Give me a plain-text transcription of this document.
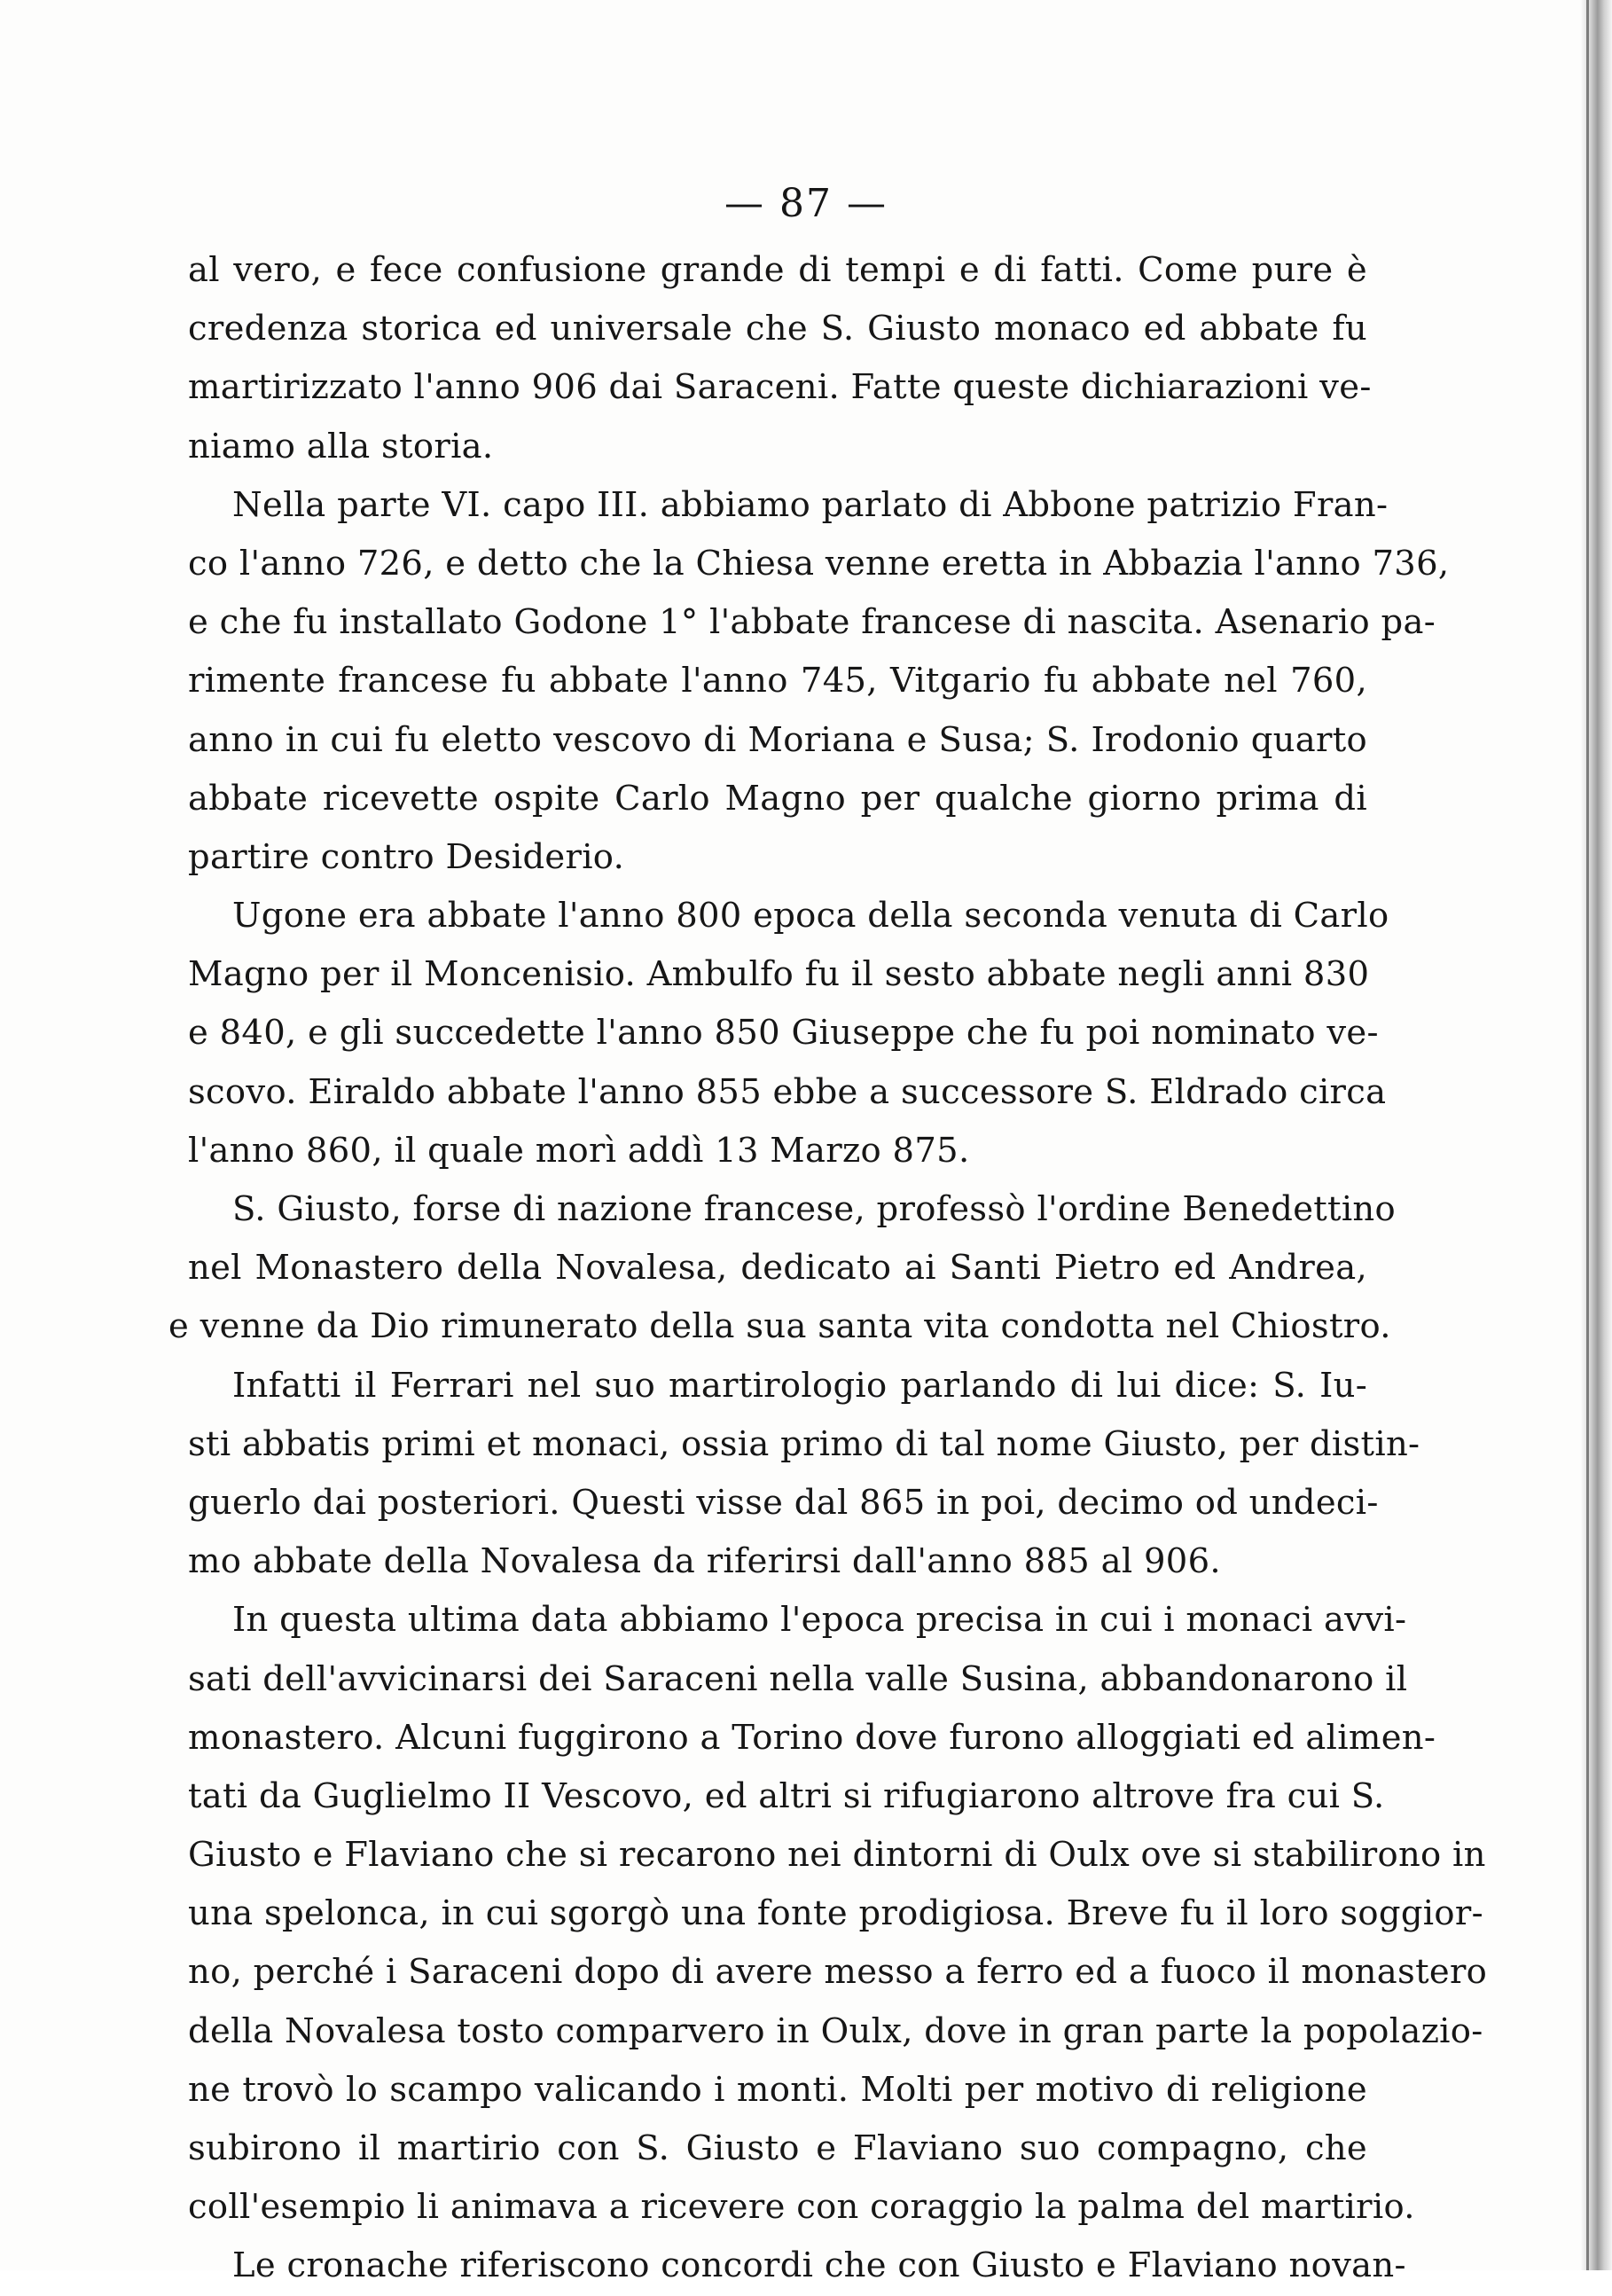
— 87 —
al vero, e fece confusione grande di tempi e di fatti. Come pure è
credenza storica ed universale che S. Giusto monaco ed abbate fu
martirizzato l'anno 906 dai Saraceni. Fatte queste dichiarazioni ve-
niamo alla storia.
Nella parte VI. capo III. abbiamo parlato di Abbone patrizio Fran-
co l'anno 726, e detto che la Chiesa venne eretta in Abbazia l'anno 736,
e che fu installato Godone 1° l'abbate francese di nascita. Asenario pa-
rimente francese fu abbate l'anno 745, Vitgario fu abbate nel 760,
anno in cui fu eletto vescovo di Moriana e Susa; S. Irodonio quarto
abbate ricevette ospite Carlo Magno per qualche giorno prima di
partire contro Desiderio.
Ugone era abbate l'anno 800 epoca della seconda venuta di Carlo
Magno per il Moncenisio. Ambulfo fu il sesto abbate negli anni 830
e 840, e gli succedette l'anno 850 Giuseppe che fu poi nominato ve-
scovo. Eiraldo abbate l'anno 855 ebbe a successore S. Eldrado circa
l'anno 860, il quale morì addì 13 Marzo 875.
S. Giusto, forse di nazione francese, professò l'ordine Benedettino
nel Monastero della Novalesa, dedicato ai Santi Pietro ed Andrea,
e venne da Dio rimunerato della sua santa vita condotta nel Chiostro.
Infatti il Ferrari nel suo martirologio parlando di lui dice: S. Iu-
sti abbatis primi et monaci, ossia primo di tal nome Giusto, per distin-
guerlo dai posteriori. Questi visse dal 865 in poi, decimo od undeci-
mo abbate della Novalesa da riferirsi dall'anno 885 al 906.
In questa ultima data abbiamo l'epoca precisa in cui i monaci avvi-
sati dell'avvicinarsi dei Saraceni nella valle Susina, abbandonarono il
monastero. Alcuni fuggirono a Torino dove furono alloggiati ed alimen-
tati da Guglielmo II Vescovo, ed altri si rifugiarono altrove fra cui S.
Giusto e Flaviano che si recarono nei dintorni di Oulx ove si stabilirono in
una spelonca, in cui sgorgò una fonte prodigiosa. Breve fu il loro soggior-
no, perché i Saraceni dopo di avere messo a ferro ed a fuoco il monastero
della Novalesa tosto comparvero in Oulx, dove in gran parte la popolazio-
ne trovò lo scampo valicando i monti. Molti per motivo di religione
subirono il martirio con S. Giusto e Flaviano suo compagno, che
coll'esempio li animava a ricevere con coraggio la palma del martirio.
Le cronache riferiscono concordi che con Giusto e Flaviano novan-
